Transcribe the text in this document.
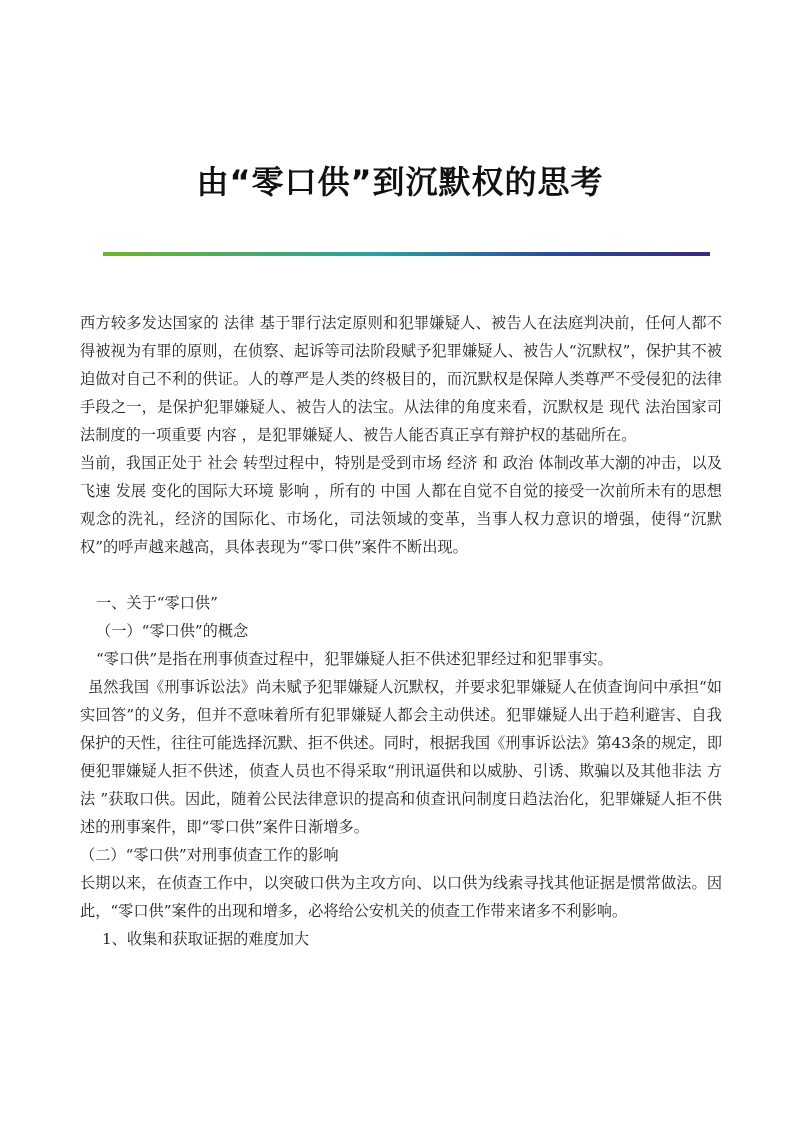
由“零口供”到沉默权的思考

西方较多发达国家的 法律 基于罪行法定原则和犯罪嫌疑人、被告人在法庭判决前，任何人都不得被视为有罪的原则，在侦察、起诉等司法阶段赋予犯罪嫌疑人、被告人“沉默权”，保护其不被迫做对自己不利的供证。人的尊严是人类的终极目的，而沉默权是保障人类尊严不受侵犯的法律手段之一，是保护犯罪嫌疑人、被告人的法宝。从法律的角度来看，沉默权是 现代 法治国家司法制度的一项重要 内容 ，是犯罪嫌疑人、被告人能否真正享有辩护权的基础所在。

当前，我国正处于 社会 转型过程中，特别是受到市场 经济 和 政治 体制改革大潮的冲击，以及飞速 发展 变化的国际大环境 影响 ，所有的 中国 人都在自觉不自觉的接受一次前所未有的思想观念的洗礼，经济的国际化、市场化，司法领域的变革，当事人权力意识的增强，使得“沉默权”的呼声越来越高，具体表现为“零口供”案件不断出现。

一、关于“零口供”

（一）“零口供”的概念

“零口供”是指在刑事侦查过程中，犯罪嫌疑人拒不供述犯罪经过和犯罪事实。

虽然我国《刑事诉讼法》尚未赋予犯罪嫌疑人沉默权，并要求犯罪嫌疑人在侦查询问中承担“如实回答”的义务，但并不意味着所有犯罪嫌疑人都会主动供述。犯罪嫌疑人出于趋利避害、自我保护的天性，往往可能选择沉默、拒不供述。同时，根据我国《刑事诉讼法》第43条的规定，即便犯罪嫌疑人拒不供述，侦查人员也不得采取“刑讯逼供和以威胁、引诱、欺骗以及其他非法 方法 ”获取口供。因此，随着公民法律意识的提高和侦查讯问制度日趋法治化，犯罪嫌疑人拒不供述的刑事案件，即“零口供”案件日渐增多。

（二）“零口供”对刑事侦查工作的影响

长期以来，在侦查工作中，以突破口供为主攻方向、以口供为线索寻找其他证据是惯常做法。因此，“零口供”案件的出现和增多，必将给公安机关的侦查工作带来诸多不利影响。

1、收集和获取证据的难度加大
